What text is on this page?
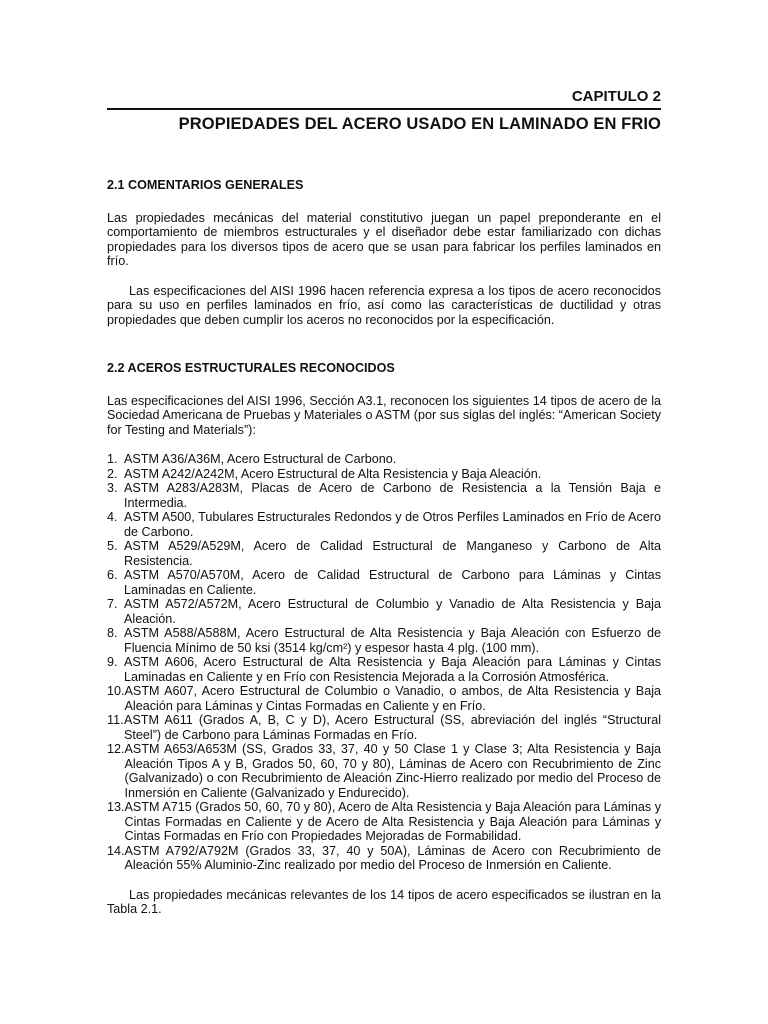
CAPITULO 2
PROPIEDADES DEL ACERO USADO EN LAMINADO EN FRIO
2.1 COMENTARIOS GENERALES

Las propiedades mecánicas del material constitutivo juegan un papel preponderante en el comportamiento de miembros estructurales y el diseñador debe estar familiarizado con dichas propiedades para los diversos tipos de acero que se usan para fabricar los perfiles laminados en frío.

Las especificaciones del AISI 1996 hacen referencia expresa a los tipos de acero reconocidos para su uso en perfiles laminados en frío, así como las características de ductilidad y otras propiedades que deben cumplir los aceros no reconocidos por la especificación.

2.2 ACEROS ESTRUCTURALES RECONOCIDOS

Las especificaciones del AISI 1996, Sección A3.1, reconocen los siguientes 14 tipos de acero de la Sociedad Americana de Pruebas y Materiales o ASTM (por sus siglas del inglés: “American Society for Testing and Materials”):

1. ASTM A36/A36M, Acero Estructural de Carbono.
2. ASTM A242/A242M, Acero Estructural de Alta Resistencia y Baja Aleación.
3. ASTM A283/A283M, Placas de Acero de Carbono de Resistencia a la Tensión Baja e Intermedia.
4. ASTM A500, Tubulares Estructurales Redondos y de Otros Perfiles Laminados en Frío de Acero de Carbono.
5. ASTM A529/A529M, Acero de Calidad Estructural de Manganeso y Carbono de Alta Resistencia.
6. ASTM A570/A570M, Acero de Calidad Estructural de Carbono para Láminas y Cintas Laminadas en Caliente.
7. ASTM A572/A572M, Acero Estructural de Columbio y Vanadio de Alta Resistencia y Baja Aleación.
8. ASTM A588/A588M, Acero Estructural de Alta Resistencia y Baja Aleación con Esfuerzo de Fluencia Mínimo de 50 ksi (3514 kg/cm²) y espesor hasta 4 plg. (100 mm).
9. ASTM A606, Acero Estructural de Alta Resistencia y Baja Aleación para Láminas y Cintas Laminadas en Caliente y en Frío con Resistencia Mejorada a la Corrosión Atmosférica.
10. ASTM A607, Acero Estructural de Columbio o Vanadio, o ambos, de Alta Resistencia y Baja Aleación para Láminas y Cintas Formadas en Caliente y en Frío.
11. ASTM A611 (Grados A, B, C y D), Acero Estructural (SS, abreviación del inglés “Structural Steel”) de Carbono para Láminas Formadas en Frío.
12. ASTM A653/A653M (SS, Grados 33, 37, 40 y 50 Clase 1 y Clase 3; Alta Resistencia y Baja Aleación Tipos A y B, Grados 50, 60, 70 y 80), Láminas de Acero con Recubrimiento de Zinc (Galvanizado) o con Recubrimiento de Aleación Zinc-Hierro realizado por medio del Proceso de Inmersión en Caliente (Galvanizado y Endurecido).
13. ASTM A715 (Grados 50, 60, 70 y 80), Acero de Alta Resistencia y Baja Aleación para Láminas y Cintas Formadas en Caliente y de Acero de Alta Resistencia y Baja Aleación para Láminas y Cintas Formadas en Frío con Propiedades Mejoradas de Formabilidad.
14. ASTM A792/A792M (Grados 33, 37, 40 y 50A), Láminas de Acero con Recubrimiento de Aleación 55% Aluminio-Zinc realizado por medio del Proceso de Inmersión en Caliente.

Las propiedades mecánicas relevantes de los 14 tipos de acero especificados se ilustran en la Tabla 2.1.
